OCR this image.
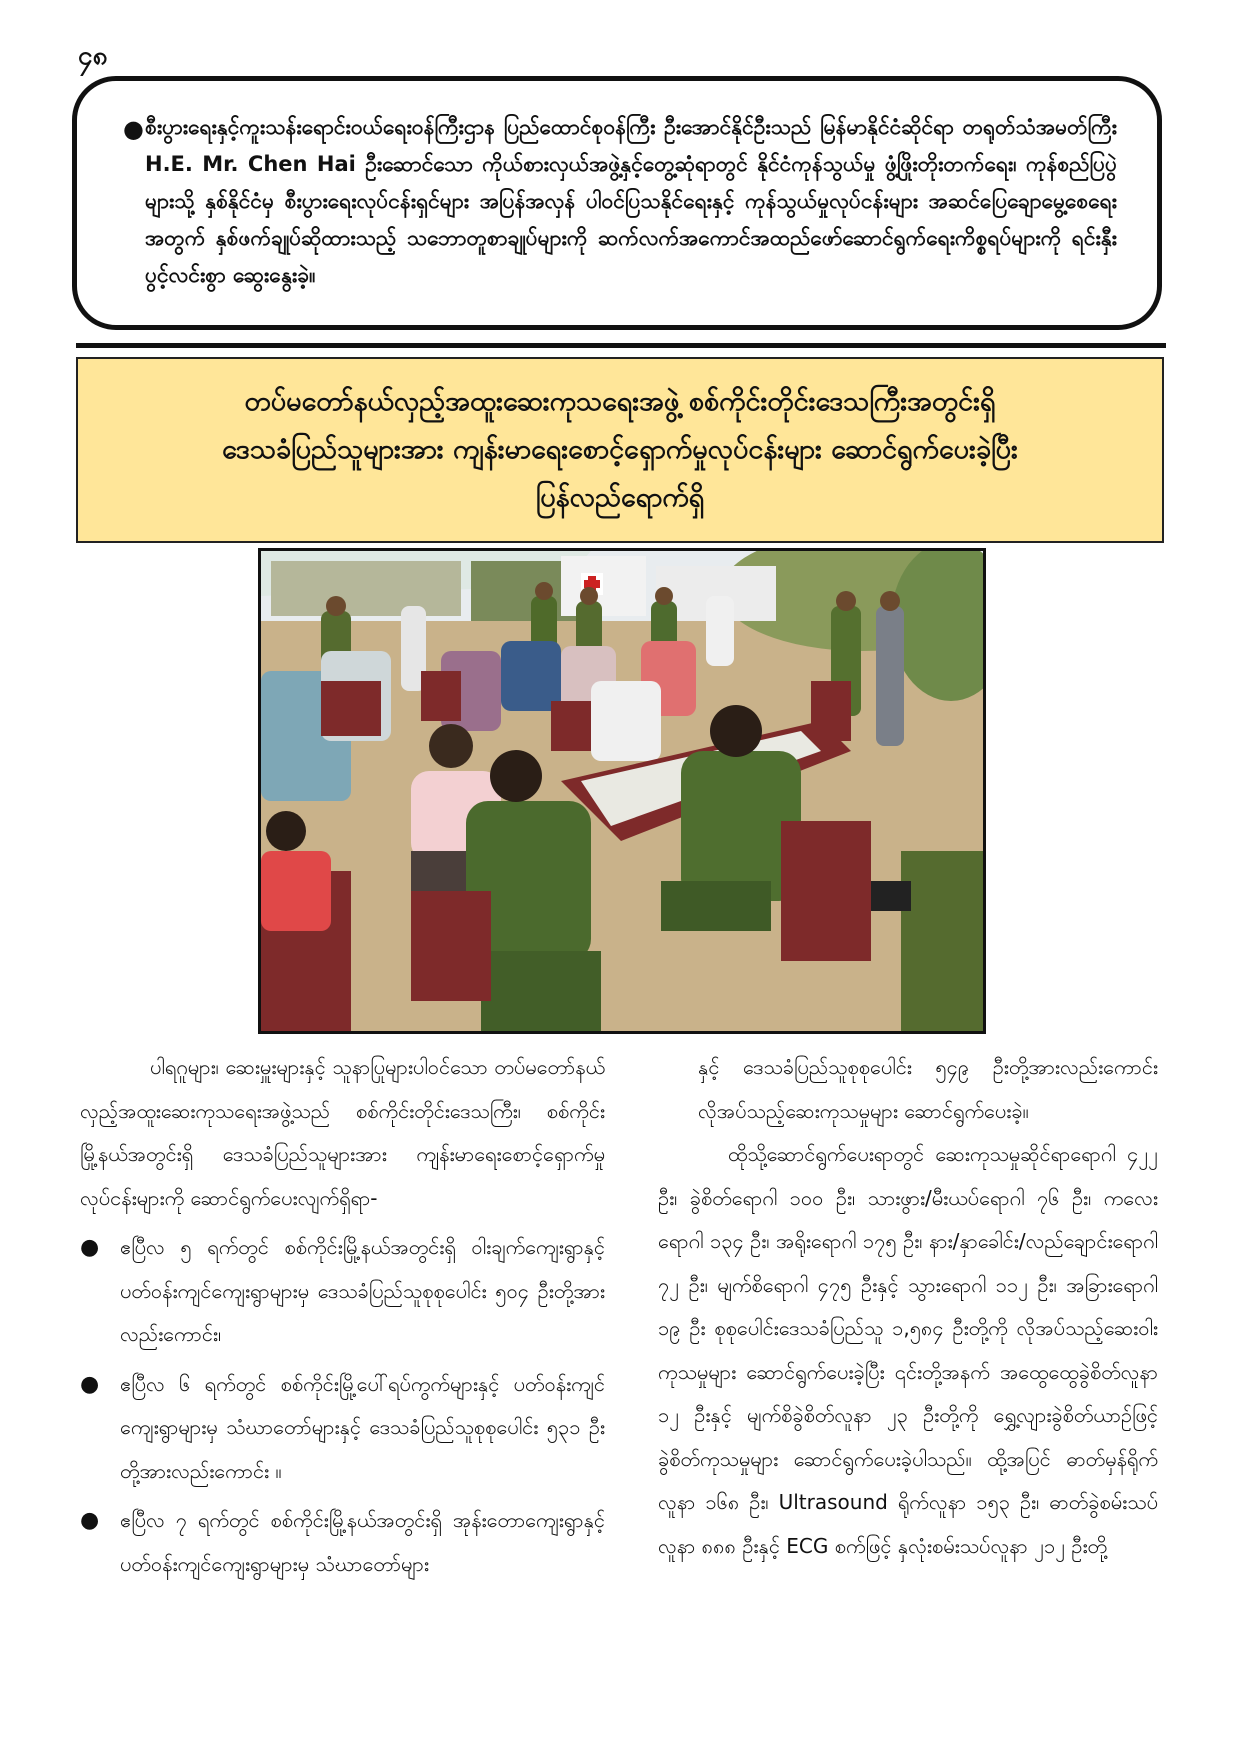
၄၈
● စီးပွားရေးနှင့်ကူးသန်းရောင်းဝယ်ရေးဝန်ကြီးဌာန ပြည်ထောင်စုဝန်ကြီး ဦးအောင်နိုင်ဦးသည် မြန်မာနိုင်ငံဆိုင်ရာ တရုတ်သံအမတ်ကြီး H.E. Mr. Chen Hai ဦးဆောင်သော ကိုယ်စားလှယ်အဖွဲ့နှင့်တွေ့ဆုံရာတွင် နိုင်ငံကုန်သွယ်မှု ဖွံ့ဖြိုးတိုးတက်ရေး၊ ကုန်စည်ပြပွဲများသို့ နှစ်နိုင်ငံမှ စီးပွားရေးလုပ်ငန်းရှင်များ အပြန်အလှန် ပါဝင်ပြသနိုင်ရေးနှင့် ကုန်သွယ်မှုလုပ်ငန်းများ အဆင်ပြေချောမွေ့စေရေးအတွက် နှစ်ဖက်ချုပ်ဆိုထားသည့် သဘောတူစာချုပ်များကို ဆက်လက်အကောင်အထည်ဖော်ဆောင်ရွက်ရေးကိစ္စရပ်များကို ရင်းနှီးပွင့်လင်းစွာ ဆွေးနွေးခဲ့။

တပ်မတော်နယ်လှည့်အထူးဆေးကုသရေးအဖွဲ့ စစ်ကိုင်းတိုင်းဒေသကြီးအတွင်းရှိ
ဒေသခံပြည်သူများအား ကျန်းမာရေးစောင့်ရှောက်မှုလုပ်ငန်းများ ဆောင်ရွက်ပေးခဲ့ပြီး
ပြန်လည်ရောက်ရှိ

ပါရဂူများ၊ ဆေးမှူးများနှင့် သူနာပြုများပါဝင်သော တပ်မတော်နယ်လှည့်အထူးဆေးကုသရေးအဖွဲ့သည် စစ်ကိုင်းတိုင်းဒေသကြီး၊ စစ်ကိုင်းမြို့နယ်အတွင်းရှိ ဒေသခံပြည်သူများအား ကျန်းမာရေးစောင့်ရှောက်မှုလုပ်ငန်းများကို ဆောင်ရွက်ပေးလျက်ရှိရာ-

●	ဧပြီလ ၅ ရက်တွင် စစ်ကိုင်းမြို့နယ်အတွင်းရှိ ဝါးချက်ကျေးရွာနှင့် ပတ်ဝန်းကျင်ကျေးရွာများမှ ဒေသခံပြည်သူစုစုပေါင်း ၅၀၄ ဦးတို့အားလည်းကောင်း၊

●	ဧပြီလ ၆ ရက်တွင် စစ်ကိုင်းမြို့ပေါ်ရပ်ကွက်များနှင့် ပတ်ဝန်းကျင်ကျေးရွာများမှ သံဃာတော်များနှင့် ဒေသခံပြည်သူစုစုပေါင်း ၅၃၁ ဦးတို့အားလည်းကောင်း ။

●	ဧပြီလ ၇ ရက်တွင် စစ်ကိုင်းမြို့နယ်အတွင်းရှိ အုန်းတောကျေးရွာနှင့် ပတ်ဝန်းကျင်ကျေးရွာများမှ သံဃာတော်များ

နှင့် ဒေသခံပြည်သူစုစုပေါင်း ၅၄၉ ဦးတို့အားလည်းကောင်း လိုအပ်သည့်ဆေးကုသမှုများ ဆောင်ရွက်ပေးခဲ့။

ထိုသို့ဆောင်ရွက်ပေးရာတွင် ဆေးကုသမှုဆိုင်ရာရောဂါ ၄၂၂ ဦး၊ ခွဲစိတ်ရောဂါ ၁၀၀ ဦး၊ သားဖွား/မီးယပ်ရောဂါ ၇၆ ဦး၊ ကလေးရောဂါ ၁၃၄ ဦး၊ အရိုးရောဂါ ၁၇၅ ဦး၊ နား/နှာခေါင်း/လည်ချောင်းရောဂါ ၇၂ ဦး၊ မျက်စိရောဂါ ၄၇၅ ဦးနှင့် သွားရောဂါ ၁၁၂ ဦး၊ အခြားရောဂါ ၁၉ ဦး စုစုပေါင်းဒေသခံပြည်သူ ၁,၅၈၄ ဦးတို့ကို လိုအပ်သည့်ဆေးဝါးကုသမှုများ ဆောင်ရွက်ပေးခဲ့ပြီး ၎င်းတို့အနက် အထွေထွေခွဲစိတ်လူနာ ၁၂ ဦးနှင့် မျက်စိခွဲစိတ်လူနာ ၂၃ ဦးတို့ကို ရွှေ့လျားခွဲစိတ်ယာဉ်ဖြင့် ခွဲစိတ်ကုသမှုများ ဆောင်ရွက်ပေးခဲ့ပါသည်။ ထို့အပြင် ဓာတ်မှန်ရိုက်လူနာ ၁၆၈ ဦး၊ Ultrasound ရိုက်လူနာ ၁၅၃ ဦး၊ ဓာတ်ခွဲစမ်းသပ်လူနာ ၈၈၈ ဦးနှင့် ECG စက်ဖြင့် နှလုံးစမ်းသပ်လူနာ ၂၁၂ ဦးတို့
